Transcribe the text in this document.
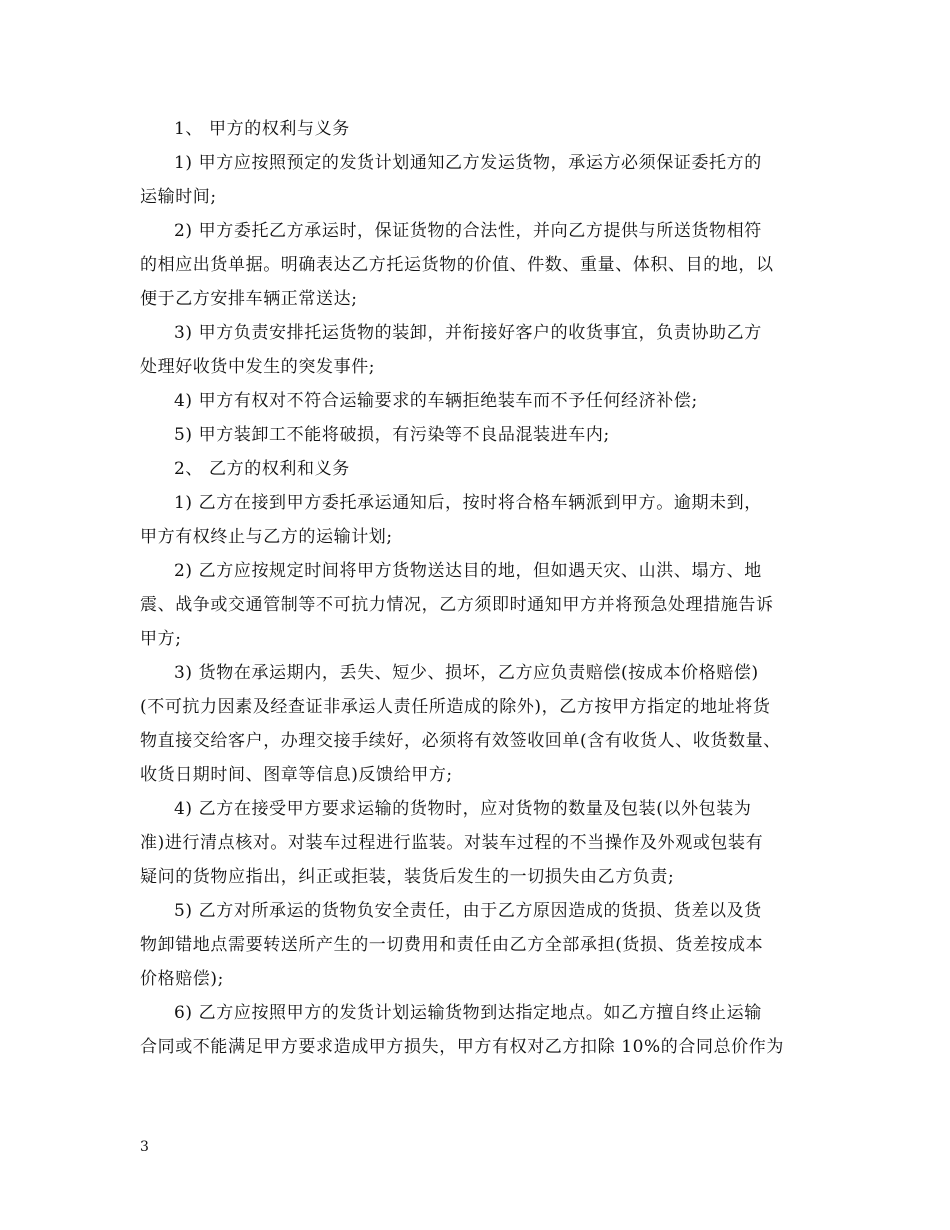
1、 甲方的权利与义务
1) 甲方应按照预定的发货计划通知乙方发运货物，承运方必须保证委托方的
运输时间;
2) 甲方委托乙方承运时，保证货物的合法性，并向乙方提供与所送货物相符
的相应出货单据。明确表达乙方托运货物的价值、件数、重量、体积、目的地，以
便于乙方安排车辆正常送达;
3) 甲方负责安排托运货物的装卸，并衔接好客户的收货事宜，负责协助乙方
处理好收货中发生的突发事件;
4) 甲方有权对不符合运输要求的车辆拒绝装车而不予任何经济补偿;
5) 甲方装卸工不能将破损，有污染等不良品混装进车内;
2、 乙方的权利和义务
1) 乙方在接到甲方委托承运通知后，按时将合格车辆派到甲方。逾期未到，
甲方有权终止与乙方的运输计划;
2) 乙方应按规定时间将甲方货物送达目的地，但如遇天灾、山洪、塌方、地
震、战争或交通管制等不可抗力情况，乙方须即时通知甲方并将预急处理措施告诉
甲方;
3) 货物在承运期内，丢失、短少、损坏，乙方应负责赔偿(按成本价格赔偿)
(不可抗力因素及经查证非承运人责任所造成的除外)，乙方按甲方指定的地址将货
物直接交给客户，办理交接手续好，必须将有效签收回单(含有收货人、收货数量、
收货日期时间、图章等信息)反馈给甲方;
4) 乙方在接受甲方要求运输的货物时，应对货物的数量及包装(以外包装为
准)进行清点核对。对装车过程进行监装。对装车过程的不当操作及外观或包装有
疑问的货物应指出，纠正或拒装，装货后发生的一切损失由乙方负责;
5) 乙方对所承运的货物负安全责任，由于乙方原因造成的货损、货差以及货
物卸错地点需要转送所产生的一切费用和责任由乙方全部承担(货损、货差按成本
价格赔偿);
6) 乙方应按照甲方的发货计划运输货物到达指定地点。如乙方擅自终止运输
合同或不能满足甲方要求造成甲方损失，甲方有权对乙方扣除 10%的合同总价作为
3
